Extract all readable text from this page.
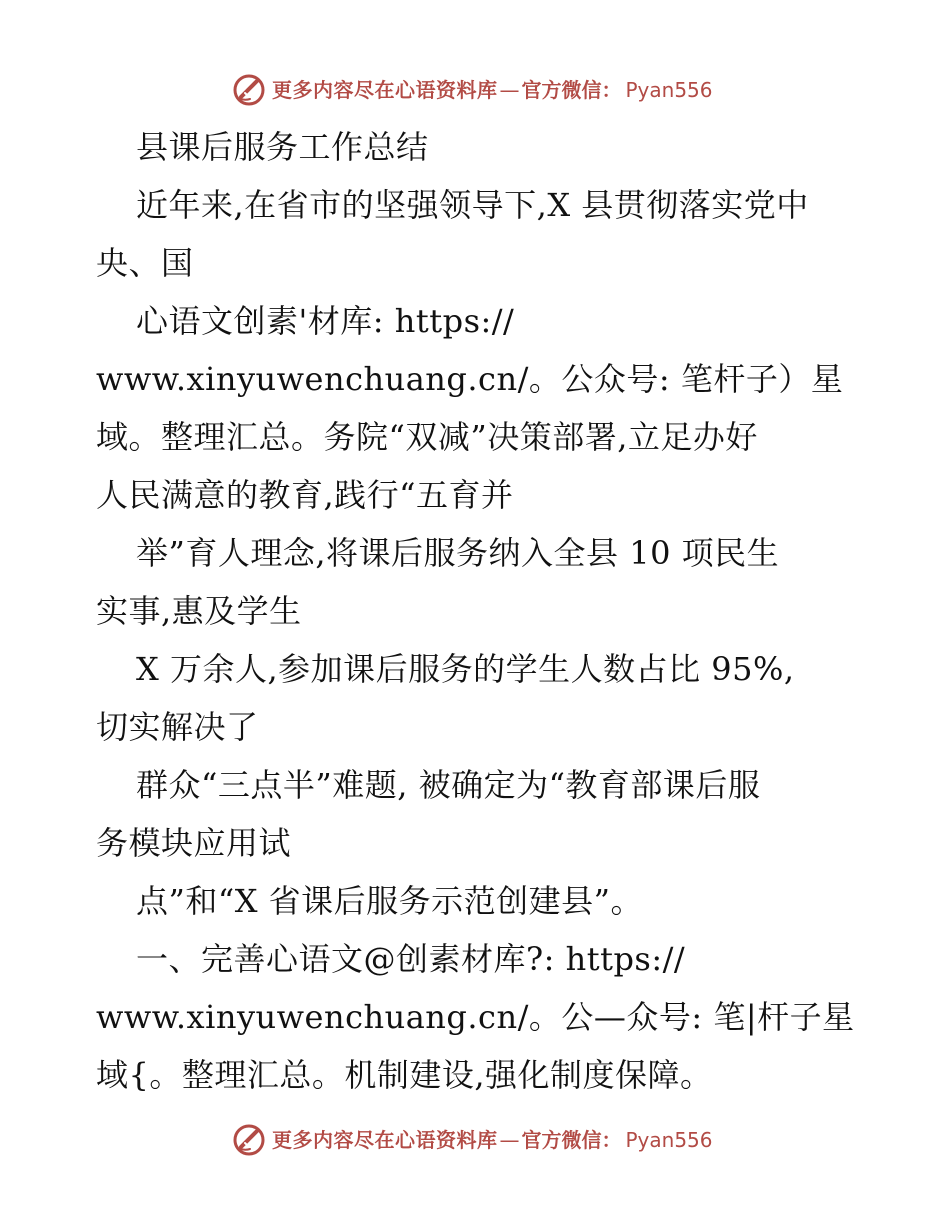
更多内容尽在心语资料库 — 官方微信： Pyan556
县课后服务工作总结
近年来,在省市的坚强领导下,X 县贯彻落实党中
央、国
心语文创素'材库: https://
www.xinyuwenchuang.cn/。公众号: 笔杆子）星
域。整理汇总。务院“双减”决策部署,立足办好
人民满意的教育,践行“五育并
举”育人理念,将课后服务纳入全县 10 项民生
实事,惠及学生
X 万余人,参加课后服务的学生人数占比 95%,
切实解决了
群众“三点半”难题, 被确定为“教育部课后服
务模块应用试
点”和“X 省课后服务示范创建县”。
一、完善心语文@创素材库?: https://
www.xinyuwenchuang.cn/。公—众号: 笔|杆子星
域{。整理汇总。机制建设,强化制度保障。
更多内容尽在心语资料库 — 官方微信： Pyan556
